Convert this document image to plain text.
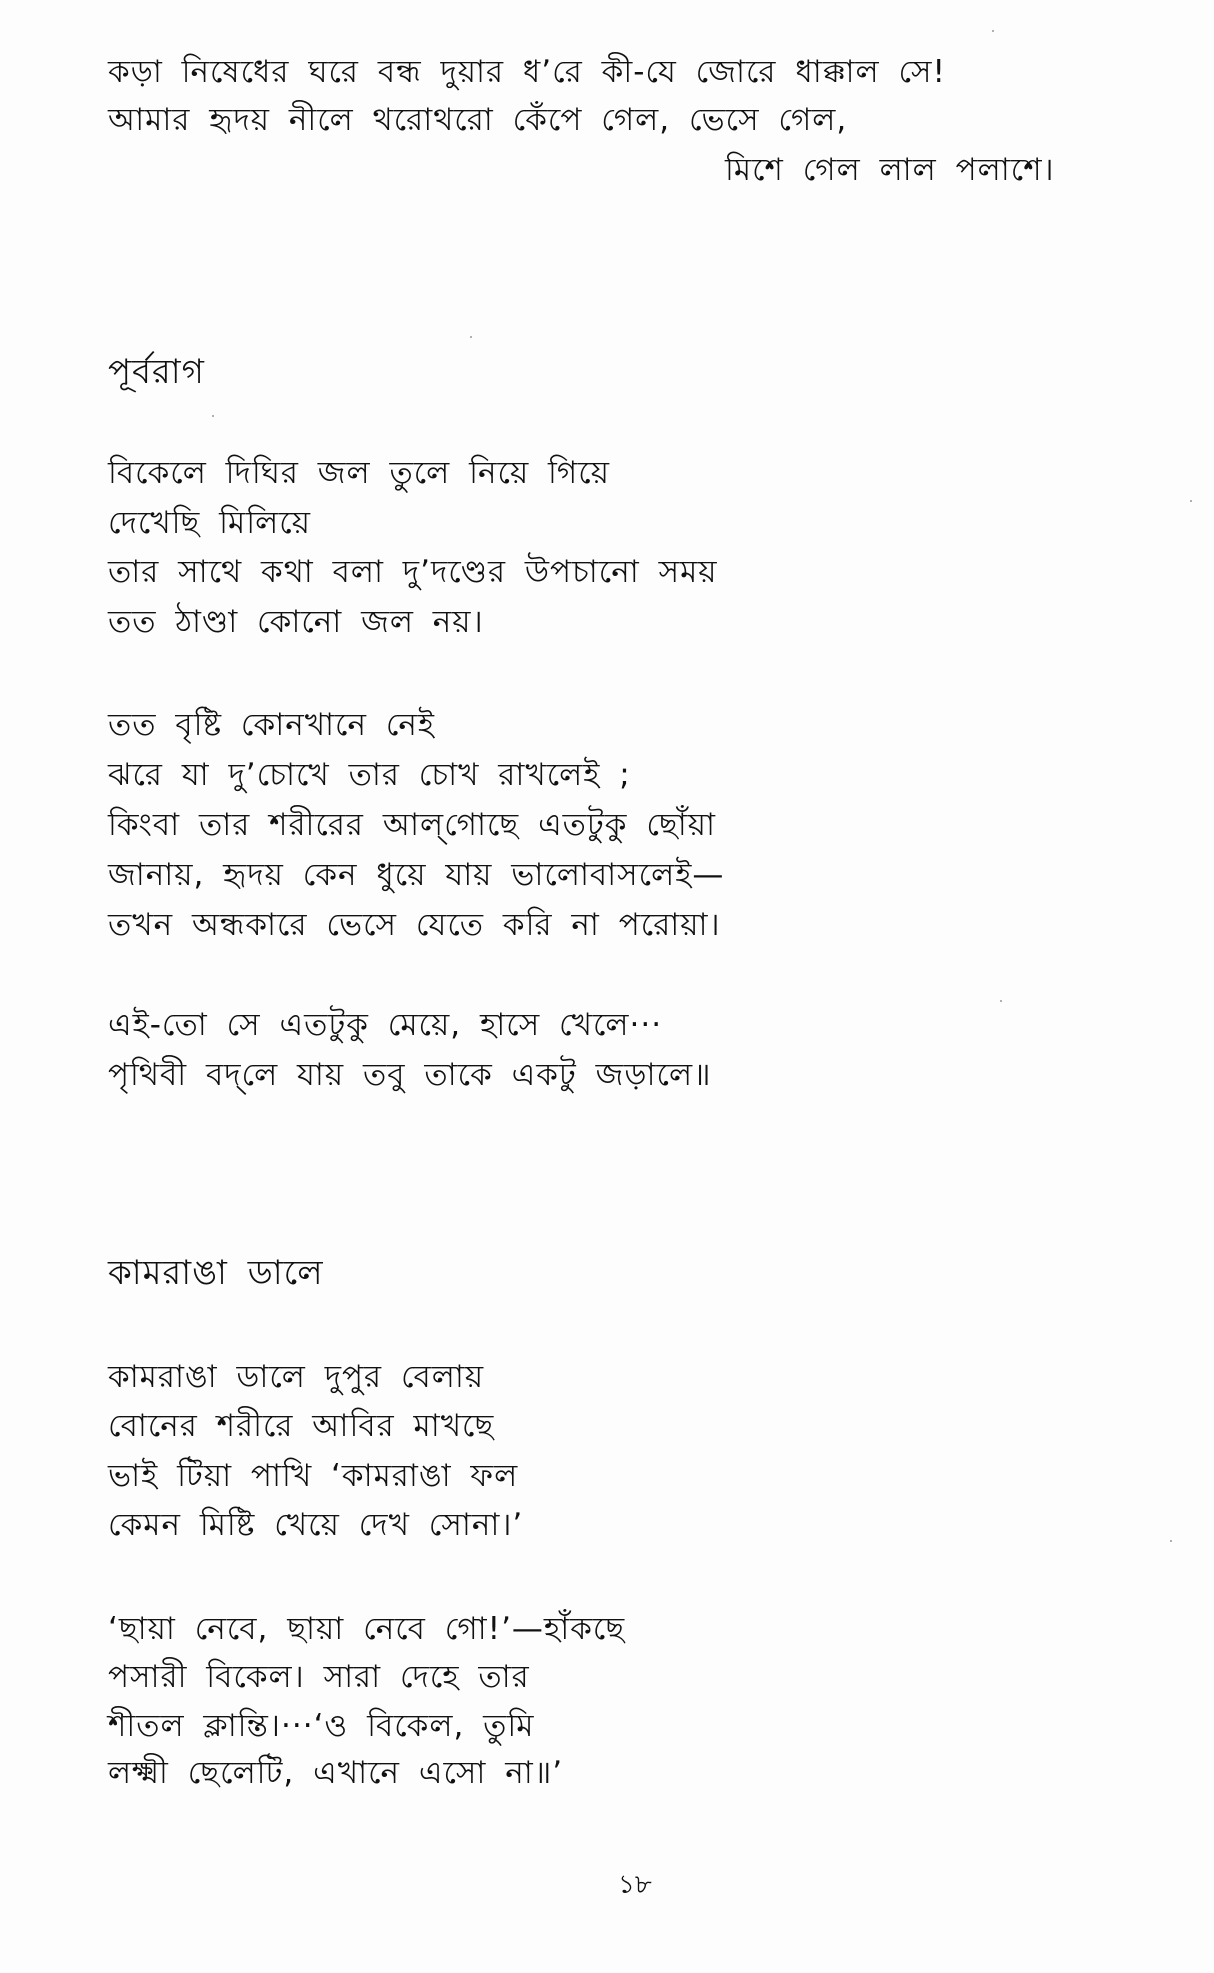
কড়া নিষেধের ঘরে বন্ধ দুয়ার ধ’রে কী-যে জোরে ধাক্কাল সে!
আমার হৃদয় নীলে থরোথরো কেঁপে গেল, ভেসে গেল,
মিশে গেল লাল পলাশে।
পূর্বরাগ
বিকেলে দিঘির জল তুলে নিয়ে গিয়ে
দেখেছি মিলিয়ে
তার সাথে কথা বলা দু’দণ্ডের উপচানো সময়
তত ঠাণ্ডা কোনো জল নয়।
তত বৃষ্টি কোনখানে নেই
ঝরে যা দু’চোখে তার চোখ রাখলেই ;
কিংবা তার শরীরের আল্‌গোছে এতটুকু ছোঁয়া
জানায়, হৃদয় কেন ধুয়ে যায় ভালোবাসলেই—
তখন অন্ধকারে ভেসে যেতে করি না পরোয়া।
এই-তো সে এতটুকু মেয়ে, হাসে খেলে···
পৃথিবী বদ্‌লে যায় তবু তাকে একটু জড়ালে॥
কামরাঙা ডালে
কামরাঙা ডালে দুপুর বেলায়
বোনের শরীরে আবির মাখছে
ভাই টিয়া পাখি ‘কামরাঙা ফল
কেমন মিষ্টি খেয়ে দেখ সোনা।’
‘ছায়া নেবে, ছায়া নেবে গো!’—হাঁকছে
পসারী বিকেল। সারা দেহে তার
শীতল ক্লান্তি।···‘ও বিকেল, তুমি
লক্ষ্মী ছেলেটি, এখানে এসো না॥’
১৮
